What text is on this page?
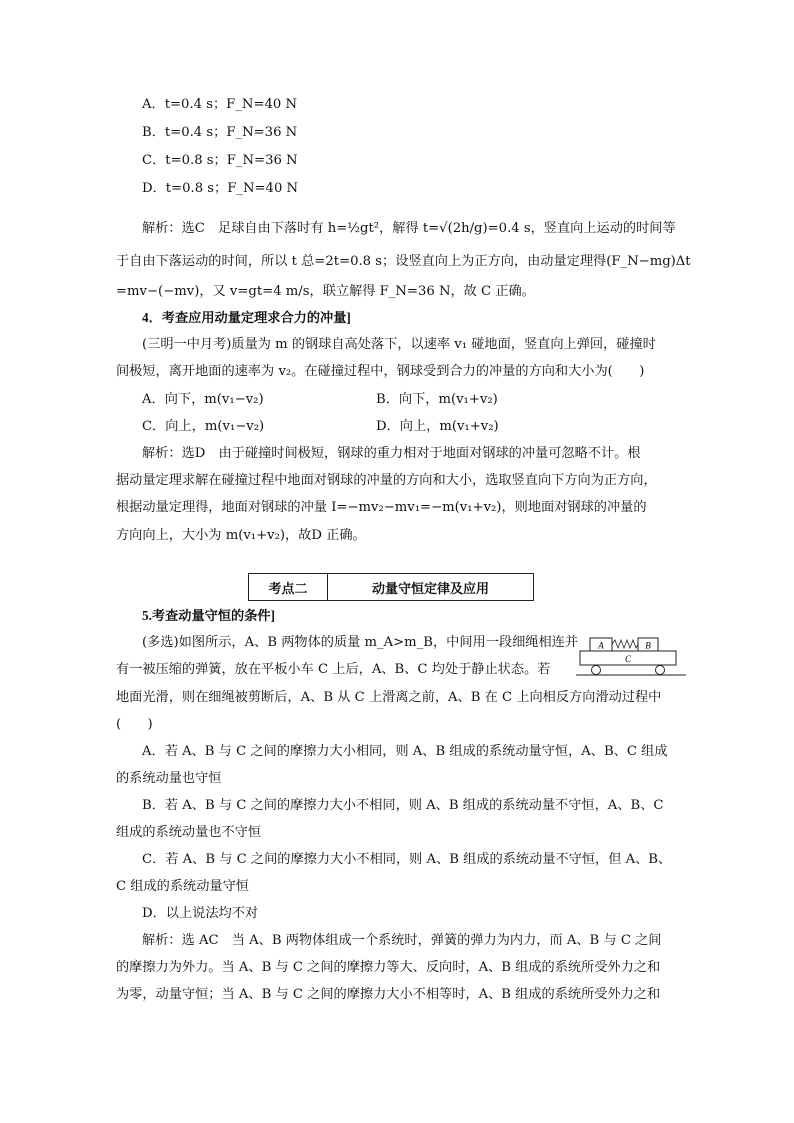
A．t=0.4 s；F_N=40 N
B．t=0.4 s；F_N=36 N
C．t=0.8 s；F_N=36 N
D．t=0.8 s；F_N=40 N
解析：选C　足球自由下落时有 h=½gt²，解得 t=√(2h/g)=0.4 s，竖直向上运动的时间等
于自由下落运动的时间，所以 t 总=2t=0.8 s；设竖直向上为正方向，由动量定理得(F_N−mg)Δt
=mv−(−mv)，又 v=gt=4 m/s，联立解得 F_N=36 N，故 C 正确。
4．考查应用动量定理求合力的冲量]
(三明一中月考)质量为 m 的钢球自高处落下，以速率 v₁ 碰地面，竖直向上弹回，碰撞时
间极短，离开地面的速率为 v₂。在碰撞过程中，钢球受到合力的冲量的方向和大小为(　　)
A．向下，m(v₁−v₂)	B．向下，m(v₁+v₂)
C．向上，m(v₁−v₂)	D．向上，m(v₁+v₂)
解析：选D　由于碰撞时间极短，钢球的重力相对于地面对钢球的冲量可忽略不计。根
据动量定理求解在碰撞过程中地面对钢球的冲量的方向和大小，选取竖直向下方向为正方向，
根据动量定理得，地面对钢球的冲量 I=−mv₂−mv₁=−m(v₁+v₂)，则地面对钢球的冲量的
方向向上，大小为 m(v₁+v₂)，故D 正确。
考点二	动量守恒定律及应用
5.考查动量守恒的条件]
(多选)如图所示，A、B 两物体的质量 m_A>m_B，中间用一段细绳相连并
有一被压缩的弹簧，放在平板小车 C 上后，A、B、C 均处于静止状态。若
地面光滑，则在细绳被剪断后，A、B 从 C 上滑离之前，A、B 在 C 上向相反方向滑动过程中
(　　)
A．若 A、B 与 C 之间的摩擦力大小相同，则 A、B 组成的系统动量守恒，A、B、C 组成
的系统动量也守恒
B．若 A、B 与 C 之间的摩擦力大小不相同，则 A、B 组成的系统动量不守恒，A、B、C
组成的系统动量也不守恒
C．若 A、B 与 C 之间的摩擦力大小不相同，则 A、B 组成的系统动量不守恒，但 A、B、
C 组成的系统动量守恒
D．以上说法均不对
解析：选 AC　当 A、B 两物体组成一个系统时，弹簧的弹力为内力，而 A、B 与 C 之间
的摩擦力为外力。当 A、B 与 C 之间的摩擦力等大、反向时，A、B 组成的系统所受外力之和
为零，动量守恒；当 A、B 与 C 之间的摩擦力大小不相等时，A、B 组成的系统所受外力之和
A	B
C
